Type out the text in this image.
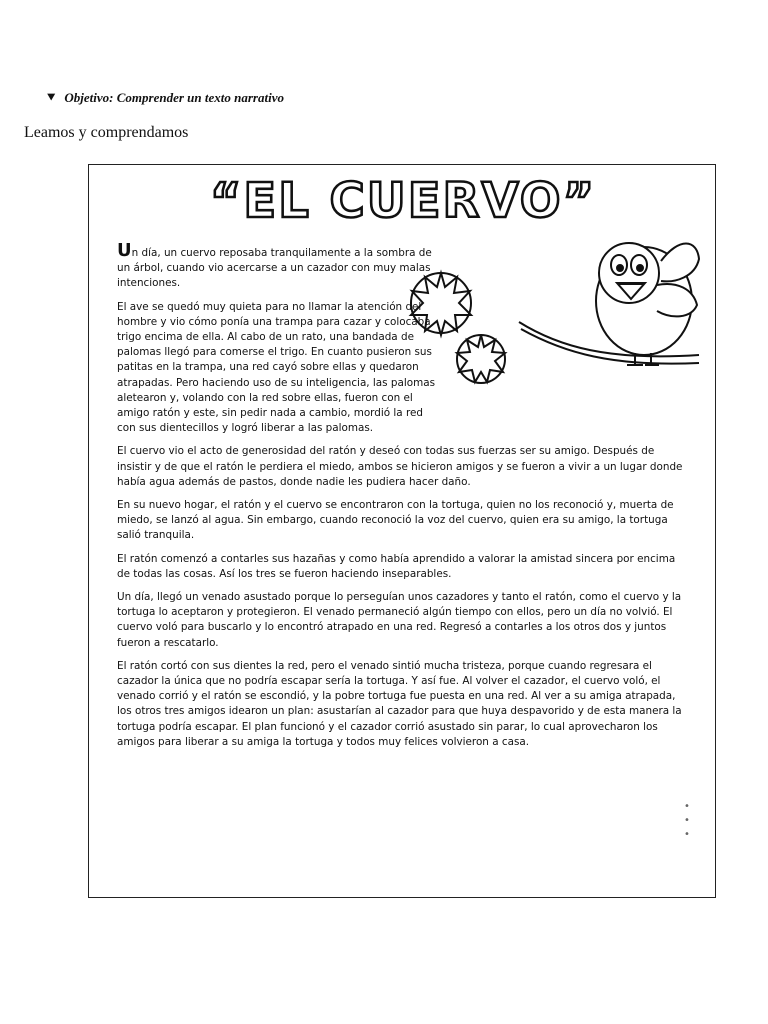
⯆ Objetivo: Comprender un texto narrativo
Leamos y comprendamos
“EL CUERVO”

Un día, un cuervo reposaba tranquilamente a la sombra de un árbol, cuando vio acercarse a un cazador con muy malas intenciones.

El ave se quedó muy quieta para no llamar la atención del hombre y vio cómo ponía una trampa para cazar y colocaba trigo encima de ella. Al cabo de un rato, una bandada de palomas llegó para comerse el trigo. En cuanto pusieron sus patitas en la trampa, una red cayó sobre ellas y quedaron atrapadas. Pero haciendo uso de su inteligencia, las palomas aletearon y, volando con la red sobre ellas, fueron con el amigo ratón y este, sin pedir nada a cambio, mordió la red con sus dientecillos y logró liberar a las palomas.

El cuervo vio el acto de generosidad del ratón y deseó con todas sus fuerzas ser su amigo. Después de insistir y de que el ratón le perdiera el miedo, ambos se hicieron amigos y se fueron a vivir a un lugar donde había agua además de pastos, donde nadie les pudiera hacer daño.

En su nuevo hogar, el ratón y el cuervo se encontraron con la tortuga, quien no los reconoció y, muerta de miedo, se lanzó al agua. Sin embargo, cuando reconoció la voz del cuervo, quien era su amigo, la tortuga salió tranquila.

El ratón comenzó a contarles sus hazañas y como había aprendido a valorar la amistad sincera por encima de todas las cosas. Así los tres se fueron haciendo inseparables.

Un día, llegó un venado asustado porque lo perseguían unos cazadores y tanto el ratón, como el cuervo y la tortuga lo aceptaron y protegieron. El venado permaneció algún tiempo con ellos, pero un día no volvió. El cuervo voló para buscarlo y lo encontró atrapado en una red. Regresó a contarles a los otros dos y juntos fueron a rescatarlo.

El ratón cortó con sus dientes la red, pero el venado sintió mucha tristeza, porque cuando regresara el cazador la única que no podría escapar sería la tortuga. Y así fue. Al volver el cazador, el cuervo voló, el venado corrió y el ratón se escondió, y la pobre tortuga fue puesta en una red. Al ver a su amiga atrapada, los otros tres amigos idearon un plan: asustarían al cazador para que huya despavorido y de esta manera la tortuga podría escapar. El plan funcionó y el cazador corrió asustado sin parar, lo cual aprovecharon los amigos para liberar a su amiga la tortuga y todos muy felices volvieron a casa.

•
•
•
